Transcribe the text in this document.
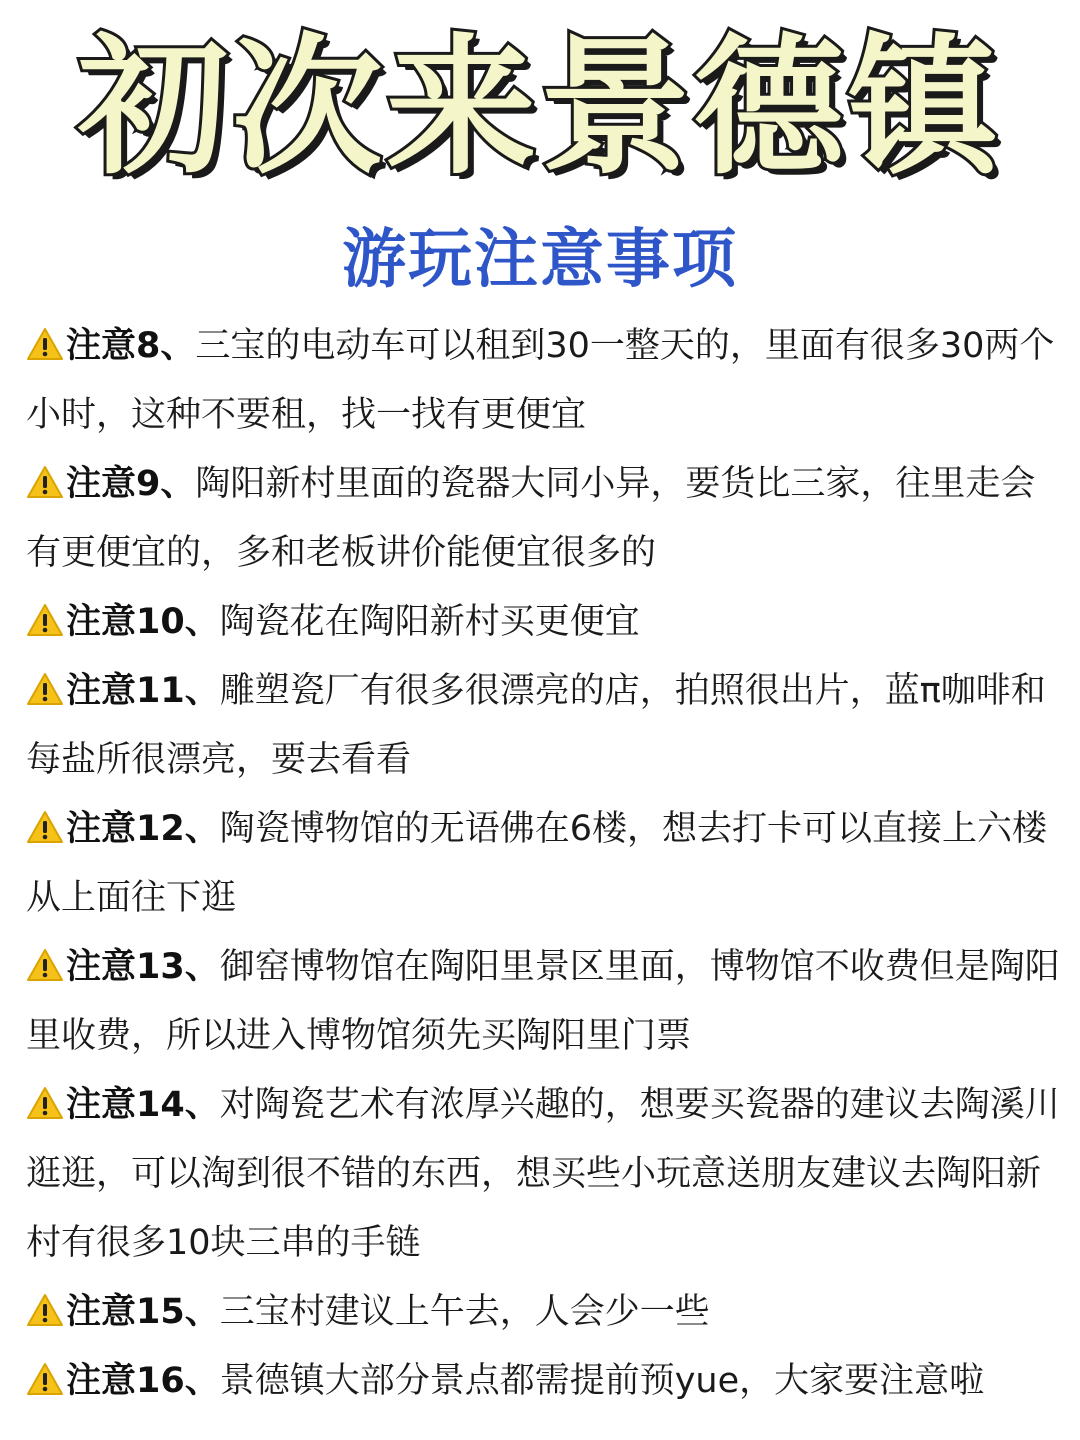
初次来景德镇
游玩注意事项

注意8、三宝的电动车可以租到30一整天的，里面有很多30两个小时，这种不要租，找一找有更便宜

注意9、陶阳新村里面的瓷器大同小异，要货比三家，往里走会有更便宜的，多和老板讲价能便宜很多的

注意10、陶瓷花在陶阳新村买更便宜

注意11、雕塑瓷厂有很多很漂亮的店，拍照很出片，蓝π咖啡和每盐所很漂亮，要去看看

注意12、陶瓷博物馆的无语佛在6楼，想去打卡可以直接上六楼从上面往下逛

注意13、御窑博物馆在陶阳里景区里面，博物馆不收费但是陶阳里收费，所以进入博物馆须先买陶阳里门票

注意14、对陶瓷艺术有浓厚兴趣的，想要买瓷器的建议去陶溪川逛逛，可以淘到很不错的东西，想买些小玩意送朋友建议去陶阳新村有很多10块三串的手链

注意15、三宝村建议上午去，人会少一些

注意16、景德镇大部分景点都需提前预yue，大家要注意啦
